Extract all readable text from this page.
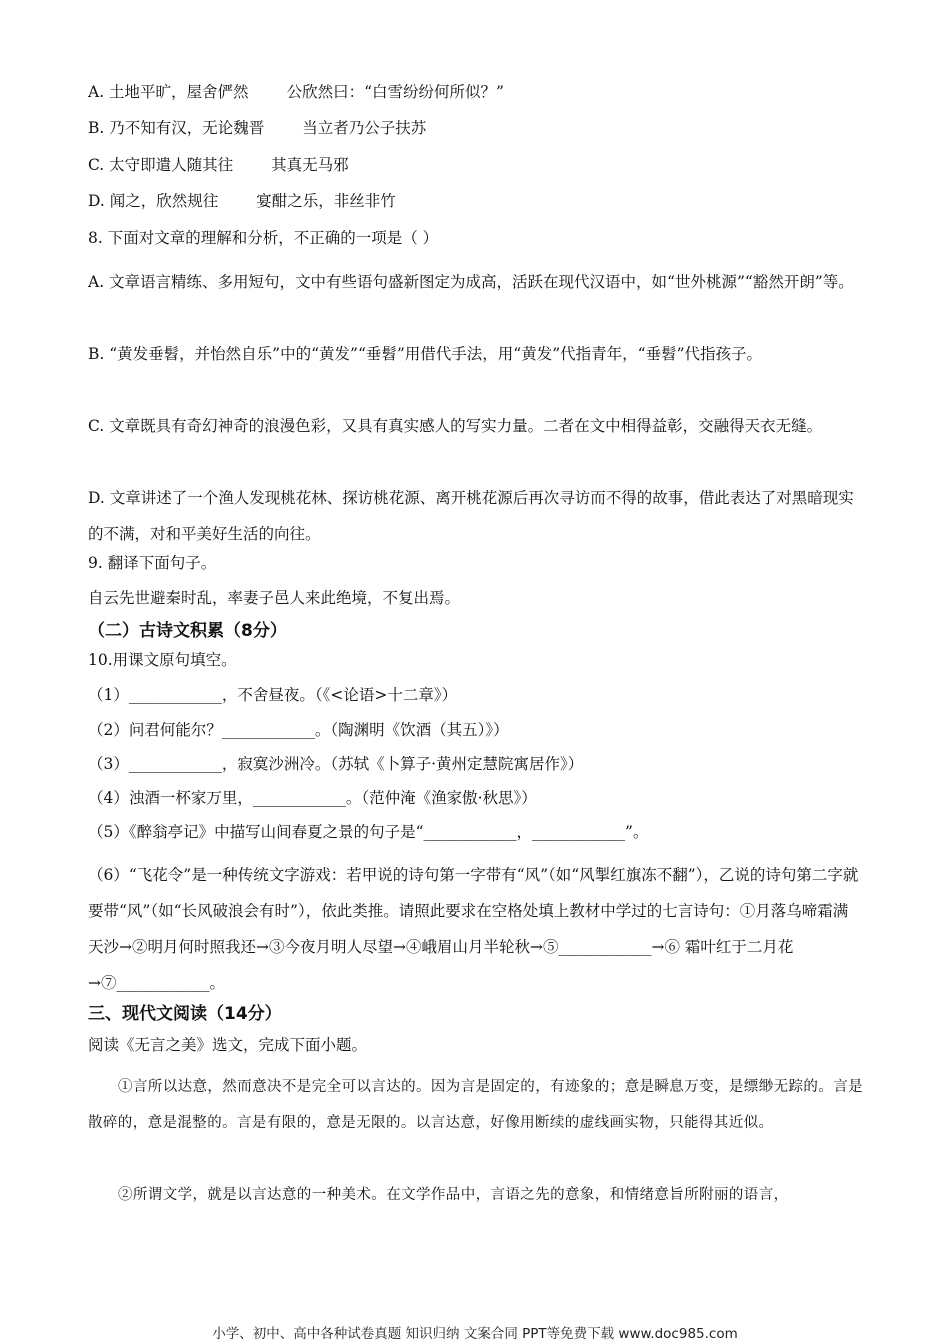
A. 土地平旷，屋舍俨然 公欣然曰：“白雪纷纷何所似？”
B. 乃不知有汉，无论魏晋 当立者乃公子扶苏
C. 太守即遣人随其往 其真无马邪
D. 闻之，欣然规往 宴酣之乐，非丝非竹
8. 下面对文章的理解和分析，不正确的一项是（ ）
A. 文章语言精练、多用短句，文中有些语句盛新图定为成高，活跃在现代汉语中，如“世外桃源”“豁然开朗”等。
B. “黄发垂髫，并怡然自乐”中的“黄发”“垂髫”用借代手法，用“黄发”代指青年，“垂髫”代指孩子。
C. 文章既具有奇幻神奇的浪漫色彩，又具有真实感人的写实力量。二者在文中相得益彰，交融得天衣无缝。
D. 文章讲述了一个渔人发现桃花林、探访桃花源、离开桃花源后再次寻访而不得的故事，借此表达了对黑暗现实的不满，对和平美好生活的向往。
9. 翻译下面句子。
自云先世避秦时乱，率妻子邑人来此绝境，不复出焉。
（二）古诗文积累（8分）
10.用课文原句填空。
（1）____________，不舍昼夜。（《<论语>十二章》）
（2）问君何能尔？____________。（陶渊明《饮酒（其五）》）
（3）____________，寂寞沙洲冷。（苏轼《卜算子·黄州定慧院寓居作》）
（4）浊酒一杯家万里，____________。（范仲淹《渔家傲·秋思》）
（5）《醉翁亭记》中描写山间春夏之景的句子是“____________，____________”。
（6）“飞花令”是一种传统文字游戏：若甲说的诗句第一字带有“风”（如“风掣红旗冻不翻”），乙说的诗句第二字就要带“风”（如“长风破浪会有时”），依此类推。请照此要求在空格处填上教材中学过的七言诗句：①月落乌啼霜满天沙→②明月何时照我还→③今夜月明人尽望→④峨眉山月半轮秋→⑤____________→⑥ 霜叶红于二月花→⑦____________。
三、现代文阅读（14分）
阅读《无言之美》选文，完成下面小题。
①言所以达意，然而意决不是完全可以言达的。因为言是固定的，有迹象的；意是瞬息万变，是缥缈无踪的。言是散碎的，意是混整的。言是有限的，意是无限的。以言达意，好像用断续的虚线画实物，只能得其近似。
②所谓文学，就是以言达意的一种美术。在文学作品中，言语之先的意象，和情绪意旨所附丽的语言，
小学、初中、高中各种试卷真题 知识归纳 文案合同 PPT等免费下载 www.doc985.com
